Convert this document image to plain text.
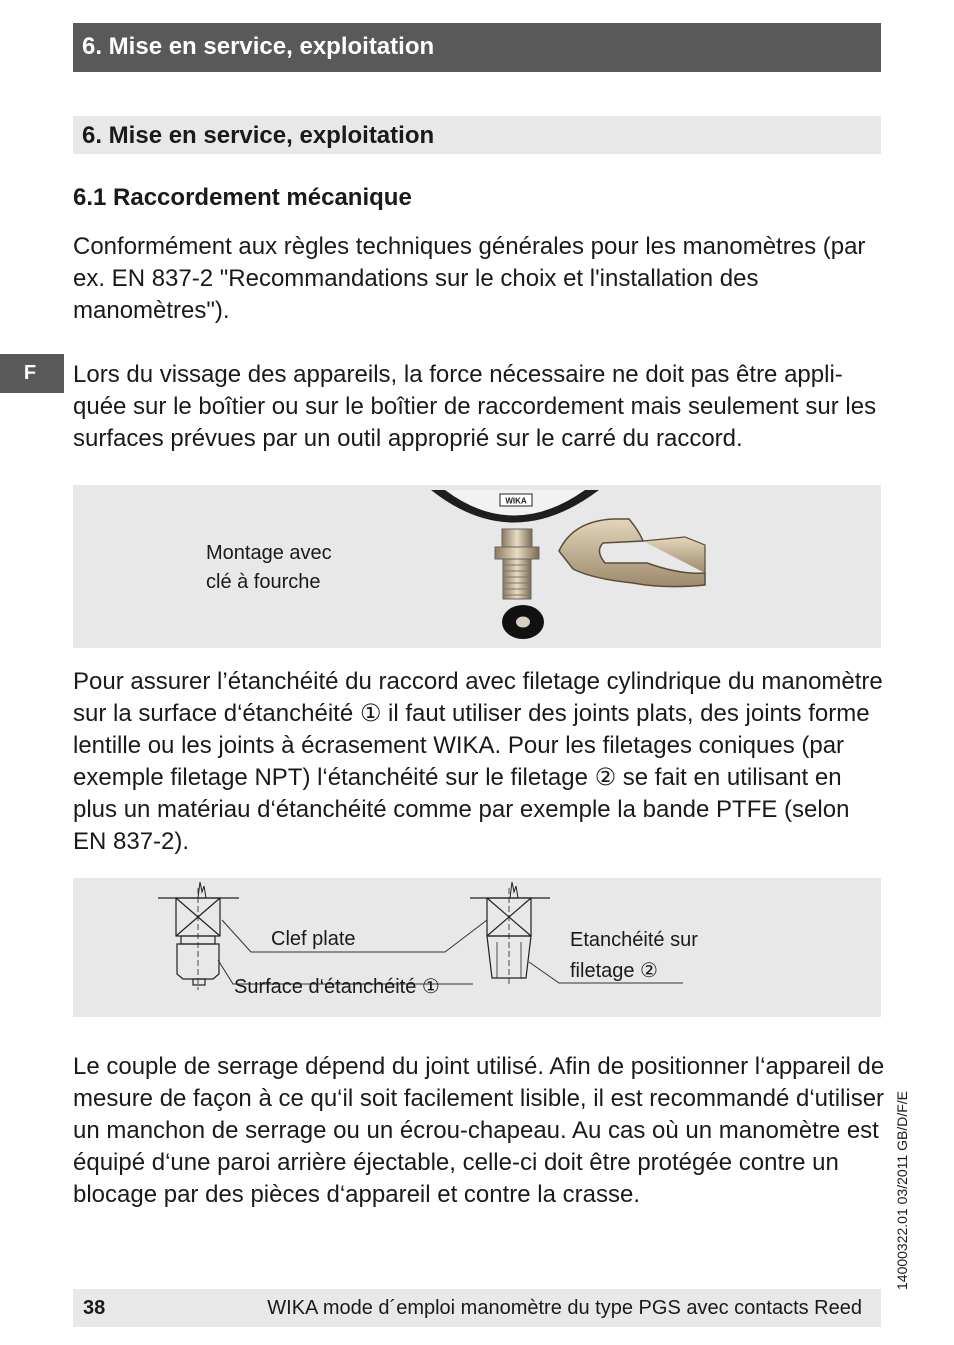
6. Mise en service, exploitation
6. Mise en service, exploitation
6.1 Raccordement mécanique
Conformément aux règles techniques générales pour les manomètres (par ex. EN 837-2 "Recommandations sur le choix et l'installation des manomètres").
F	Lors du vissage des appareils, la force nécessaire ne doit pas être appli-quée sur le boîtier ou sur le boîtier de raccordement mais seulement sur les surfaces prévues par un outil approprié sur le carré du raccord.
Montage avec
clé à fourche
WIKA
Pour assurer l’étanchéité du raccord avec filetage cylindrique du manomètre sur la surface d‘étanchéité ① il faut utiliser des joints plats, des joints forme lentille ou les joints à écrasement WIKA. Pour les filetages coniques (par exemple filetage NPT) l‘étanchéité sur le filetage ② se fait en utilisant en plus un matériau d‘étanchéité comme par exemple la bande PTFE (selon EN 837-2).
Clef plate
Surface d‘étanchéité ①
Etanchéité sur
filetage ②
Le couple de serrage dépend du joint utilisé. Afin de positionner l‘appareil de mesure de façon à ce qu‘il soit facilement lisible, il est recommandé d‘utiliser un manchon de serrage ou un écrou-chapeau. Au cas où un manomètre est équipé d‘une paroi arrière éjectable, celle-ci doit être protégée contre un blocage par des pièces d‘appareil et contre la crasse.	14000322.01 03/2011 GB/D/F/E
38	WIKA mode d´emploi manomètre du type PGS avec contacts Reed
